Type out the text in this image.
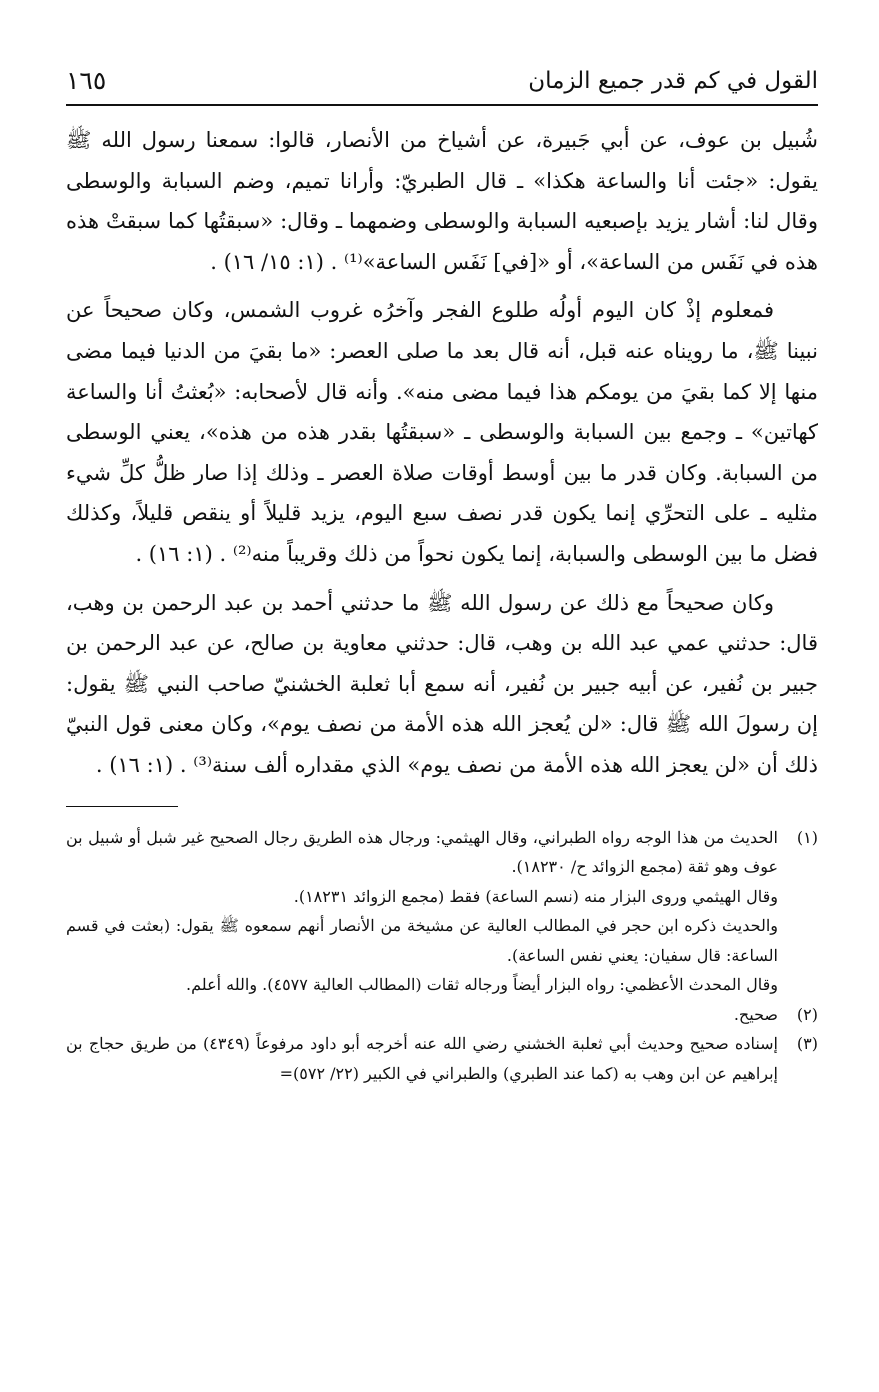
القول في كم قدر جميع الزمان
١٦٥

شُبيل بن عوف، عن أبي جَبيرة، عن أشياخ من الأنصار، قالوا: سمعنا رسول الله ﷺ يقول: «جئت أنا والساعة هكذا» ـ قال الطبريّ: وأرانا تميم، وضم السبابة والوسطى وقال لنا: أشار يزيد بإصبعيه السبابة والوسطى وضمهما ـ وقال: «سبقتُها كما سبقتْ هذه هذه في نَفَس من الساعة»، أو «[في] نَفَس الساعة»⁽¹⁾ . (١: ١٥/ ١٦) .

فمعلوم إذْ كان اليوم أولُه طلوع الفجر وآخرُه غروب الشمس، وكان صحيحاً عن نبينا ﷺ، ما رويناه عنه قبل، أنه قال بعد ما صلى العصر: «ما بقيَ من الدنيا فيما مضى منها إلا كما بقيَ من يومكم هذا فيما مضى منه». وأنه قال لأصحابه: «بُعثتُ أنا والساعة كهاتين» ـ وجمع بين السبابة والوسطى ـ «سبقتُها بقدر هذه من هذه»، يعني الوسطى من السبابة. وكان قدر ما بين أوسط أوقات صلاة العصر ـ وذلك إذا صار ظلُّ كلِّ شيء مثليه ـ على التحرِّي إنما يكون قدر نصف سبع اليوم، يزيد قليلاً أو ينقص قليلاً، وكذلك فضل ما بين الوسطى والسبابة، إنما يكون نحواً من ذلك وقريباً منه⁽²⁾ . (١: ١٦) .

وكان صحيحاً مع ذلك عن رسول الله ﷺ ما حدثني أحمد بن عبد الرحمن بن وهب، قال: حدثني عمي عبد الله بن وهب، قال: حدثني معاوية بن صالح، عن عبد الرحمن بن جبير بن نُفير، عن أبيه جبير بن نُفير، أنه سمع أبا ثعلبة الخشنيّ صاحب النبي ﷺ يقول: إن رسولَ الله ﷺ قال: «لن يُعجز الله هذه الأمة من نصف يوم»، وكان معنى قول النبيّ ذلك أن «لن يعجز الله هذه الأمة من نصف يوم» الذي مقداره ألف سنة⁽³⁾ . (١: ١٦) .

(١)

الحديث من هذا الوجه رواه الطبراني، وقال الهيثمي: ورجال هذه الطريق رجال الصحيح غير شبل أو شبيل بن عوف وهو ثقة (مجمع الزوائد ح/ ١٨٢٣٠).

وقال الهيثمي وروى البزار منه (نسم الساعة) فقط (مجمع الزوائد ١٨٢٣١).

والحديث ذكره ابن حجر في المطالب العالية عن مشيخة من الأنصار أنهم سمعوه ﷺ يقول: (بعثت في قسم الساعة: قال سفيان: يعني نفس الساعة).

وقال المحدث الأعظمي: رواه البزار أيضاً ورجاله ثقات (المطالب العالية ٤٥٧٧). والله أعلم.

(٢)

صحيح.

(٣)

إسناده صحيح وحديث أبي ثعلبة الخشني رضي الله عنه أخرجه أبو داود مرفوعاً (٤٣٤٩) من طريق حجاج بن إبراهيم عن ابن وهب به (كما عند الطبري) والطبراني في الكبير (٢٢/ ٥٧٢)=
